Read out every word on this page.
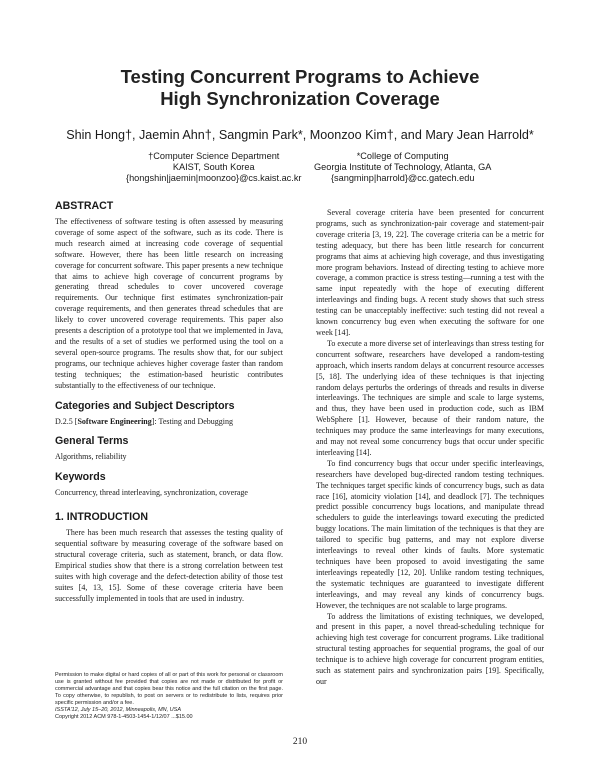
Testing Concurrent Programs to Achieve
High Synchronization Coverage
Shin Hong†, Jaemin Ahn†, Sangmin Park*, Moonzoo Kim†, and Mary Jean Harrold*
†Computer Science Department
KAIST, South Korea
{hongshin|jaemin|moonzoo}@cs.kaist.ac.kr
*College of Computing
Georgia Institute of Technology, Atlanta, GA
{sangminp|harrold}@cc.gatech.edu
ABSTRACT

The effectiveness of software testing is often assessed by measuring coverage of some aspect of the software, such as its code. There is much research aimed at increasing code coverage of sequential software. However, there has been little research on increasing coverage for concurrent software. This paper presents a new technique that aims to achieve high coverage of concurrent programs by generating thread schedules to cover uncovered coverage requirements. Our technique first estimates synchronization-pair coverage requirements, and then generates thread schedules that are likely to cover uncovered coverage requirements. This paper also presents a description of a prototype tool that we implemented in Java, and the results of a set of studies we performed using the tool on a several open-source programs. The results show that, for our subject programs, our technique achieves higher coverage faster than random testing techniques; the estimation-based heuristic contributes substantially to the effectiveness of our technique.

Categories and Subject Descriptors

D.2.5 [Software Engineering]: Testing and Debugging

General Terms

Algorithms, reliability

Keywords

Concurrency, thread interleaving, synchronization, coverage

1. INTRODUCTION

There has been much research that assesses the testing quality of sequential software by measuring coverage of the software based on structural coverage criteria, such as statement, branch, or data flow. Empirical studies show that there is a strong correlation between test suites with high coverage and the defect-detection ability of those test suites [4, 13, 15]. Some of these coverage criteria have been successfully implemented in tools that are used in industry.

Several coverage criteria have been presented for concurrent programs, such as synchronization-pair coverage and statement-pair coverage criteria [3, 19, 22]. The coverage criteria can be a metric for testing adequacy, but there has been little research for concurrent programs that aims at achieving high coverage, and thus investigating more program behaviors. Instead of directing testing to achieve more coverage, a common practice is stress testing—running a test with the same input repeatedly with the hope of executing different interleavings and finding bugs. A recent study shows that such stress testing can be unacceptably ineffective: such testing did not reveal a known concurrency bug even when executing the software for one week [14].

To execute a more diverse set of interleavings than stress testing for concurrent software, researchers have developed a random-testing approach, which inserts random delays at concurrent resource accesses [5, 18]. The underlying idea of these techniques is that injecting random delays perturbs the orderings of threads and results in diverse interleavings. The techniques are simple and scale to large systems, and thus, they have been used in production code, such as IBM WebSphere [1]. However, because of their random nature, the techniques may produce the same interleavings for many executions, and may not reveal some concurrency bugs that occur under specific interleaving [14].

To find concurrency bugs that occur under specific interleavings, researchers have developed bug-directed random testing techniques. The techniques target specific kinds of concurrency bugs, such as data race [16], atomicity violation [14], and deadlock [7]. The techniques predict possible concurrency bugs locations, and manipulate thread schedulers to guide the interleavings toward executing the predicted buggy locations. The main limitation of the techniques is that they are tailored to specific bug patterns, and may not explore diverse interleavings to reveal other kinds of faults. More systematic techniques have been proposed to avoid investigating the same interleavings repeatedly [12, 20]. Unlike random testing techniques, the systematic techniques are guaranteed to investigate different interleavings, and may reveal any kinds of concurrency bugs. However, the techniques are not scalable to large programs.

To address the limitations of existing techniques, we developed, and present in this paper, a novel thread-scheduling technique for achieving high test coverage for concurrent programs. Like traditional structural testing approaches for sequential programs, the goal of our technique is to achieve high coverage for concurrent program entities, such as statement pairs and synchronization pairs [19]. Specifically, our

Permission to make digital or hard copies of all or part of this work for personal or classroom use is granted without fee provided that copies are not made or distributed for profit or commercial advantage and that copies bear this notice and the full citation on the first page. To copy otherwise, to republish, to post on servers or to redistribute to lists, requires prior specific permission and/or a fee.

ISSTA'12, July 15–20, 2012, Minneapolis, MN, USA

Copyright 2012 ACM 978-1-4503-1454-1/12/07 ...$15.00

210
